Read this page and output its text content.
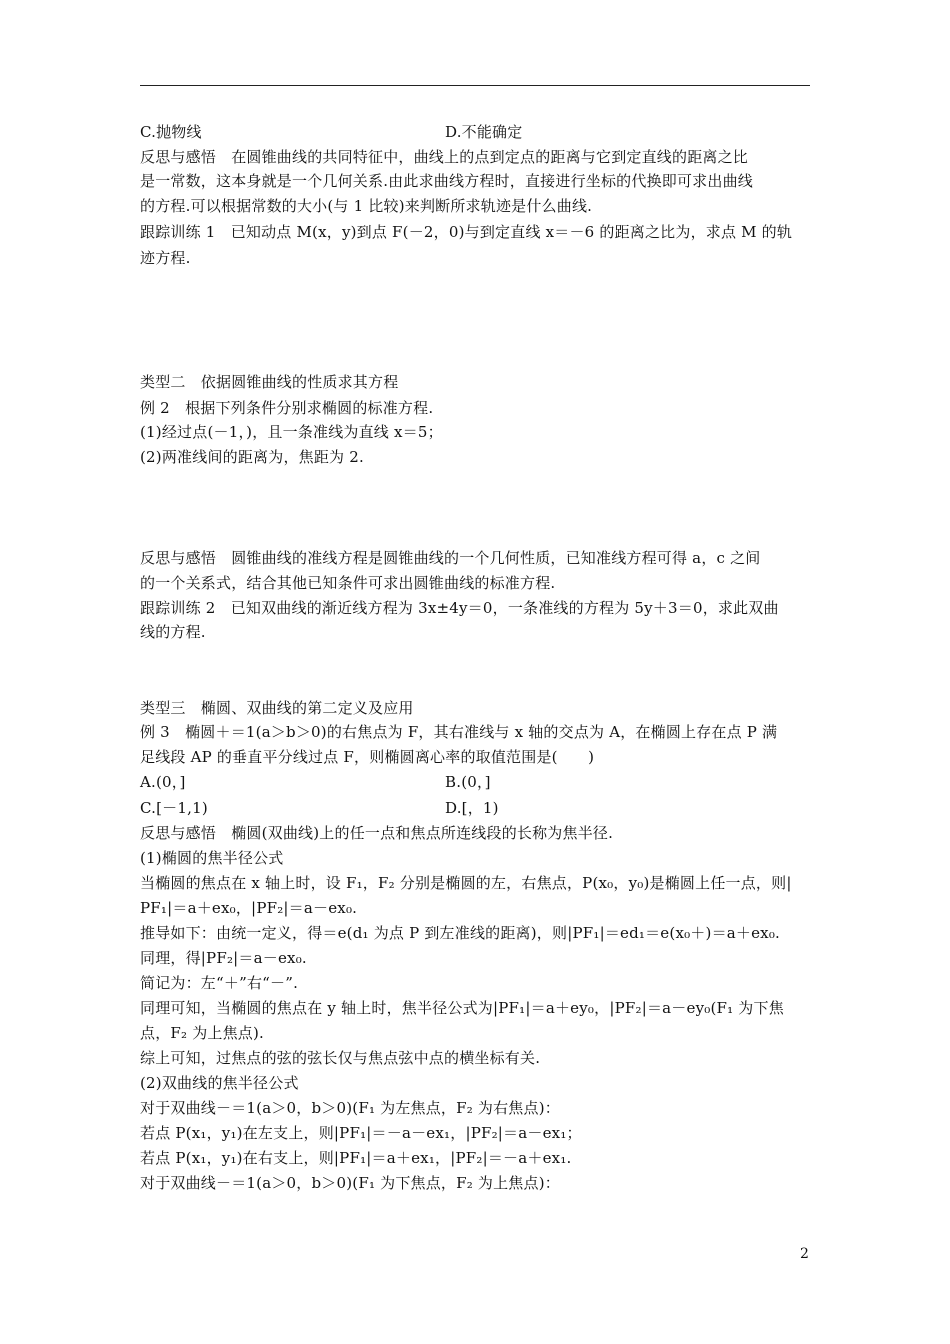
C.抛物线	D.不能确定
反思与感悟　在圆锥曲线的共同特征中，曲线上的点到定点的距离与它到定直线的距离之比
是一常数，这本身就是一个几何关系.由此求曲线方程时，直接进行坐标的代换即可求出曲线
的方程.可以根据常数的大小(与 1 比较)来判断所求轨迹是什么曲线.
跟踪训练 1　已知动点 M(x，y)到点 F(－2，0)与到定直线 x＝－6 的距离之比为，求点 M 的轨
迹方程.
类型二　依据圆锥曲线的性质求其方程
例 2　根据下列条件分别求椭圆的标准方程.
(1)经过点(－1，)，且一条准线为直线 x＝5；
(2)两准线间的距离为，焦距为 2.
反思与感悟　圆锥曲线的准线方程是圆锥曲线的一个几何性质，已知准线方程可得 a，c 之间
的一个关系式，结合其他已知条件可求出圆锥曲线的标准方程.
跟踪训练 2　已知双曲线的渐近线方程为 3x±4y＝0，一条准线的方程为 5y＋3＝0，求此双曲
线的方程.
类型三　椭圆、双曲线的第二定义及应用
例 3　椭圆＋＝1(a＞b＞0)的右焦点为 F，其右准线与 x 轴的交点为 A，在椭圆上存在点 P 满
足线段 AP 的垂直平分线过点 F，则椭圆离心率的取值范围是(　　)
A.(0，]	B.(0，]
C.[－1,1)	D.[，1)
反思与感悟　椭圆(双曲线)上的任一点和焦点所连线段的长称为焦半径.
(1)椭圆的焦半径公式
当椭圆的焦点在 x 轴上时，设 F₁，F₂ 分别是椭圆的左，右焦点，P(x₀，y₀)是椭圆上任一点，则|
PF₁|＝a＋ex₀，|PF₂|＝a－ex₀.
推导如下：由统一定义，得＝e(d₁ 为点 P 到左准线的距离)，则|PF₁|＝ed₁＝e(x₀＋)＝a＋ex₀.
同理，得|PF₂|＝a－ex₀.
简记为：左“＋”右“－”.
同理可知，当椭圆的焦点在 y 轴上时，焦半径公式为|PF₁|＝a＋ey₀，|PF₂|＝a－ey₀(F₁ 为下焦
点，F₂ 为上焦点).
综上可知，过焦点的弦的弦长仅与焦点弦中点的横坐标有关.
(2)双曲线的焦半径公式
对于双曲线－＝1(a＞0，b＞0)(F₁ 为左焦点，F₂ 为右焦点)：
若点 P(x₁，y₁)在左支上，则|PF₁|＝－a－ex₁，|PF₂|＝a－ex₁；
若点 P(x₁，y₁)在右支上，则|PF₁|＝a＋ex₁，|PF₂|＝－a＋ex₁.
对于双曲线－＝1(a＞0，b＞0)(F₁ 为下焦点，F₂ 为上焦点)：
2
